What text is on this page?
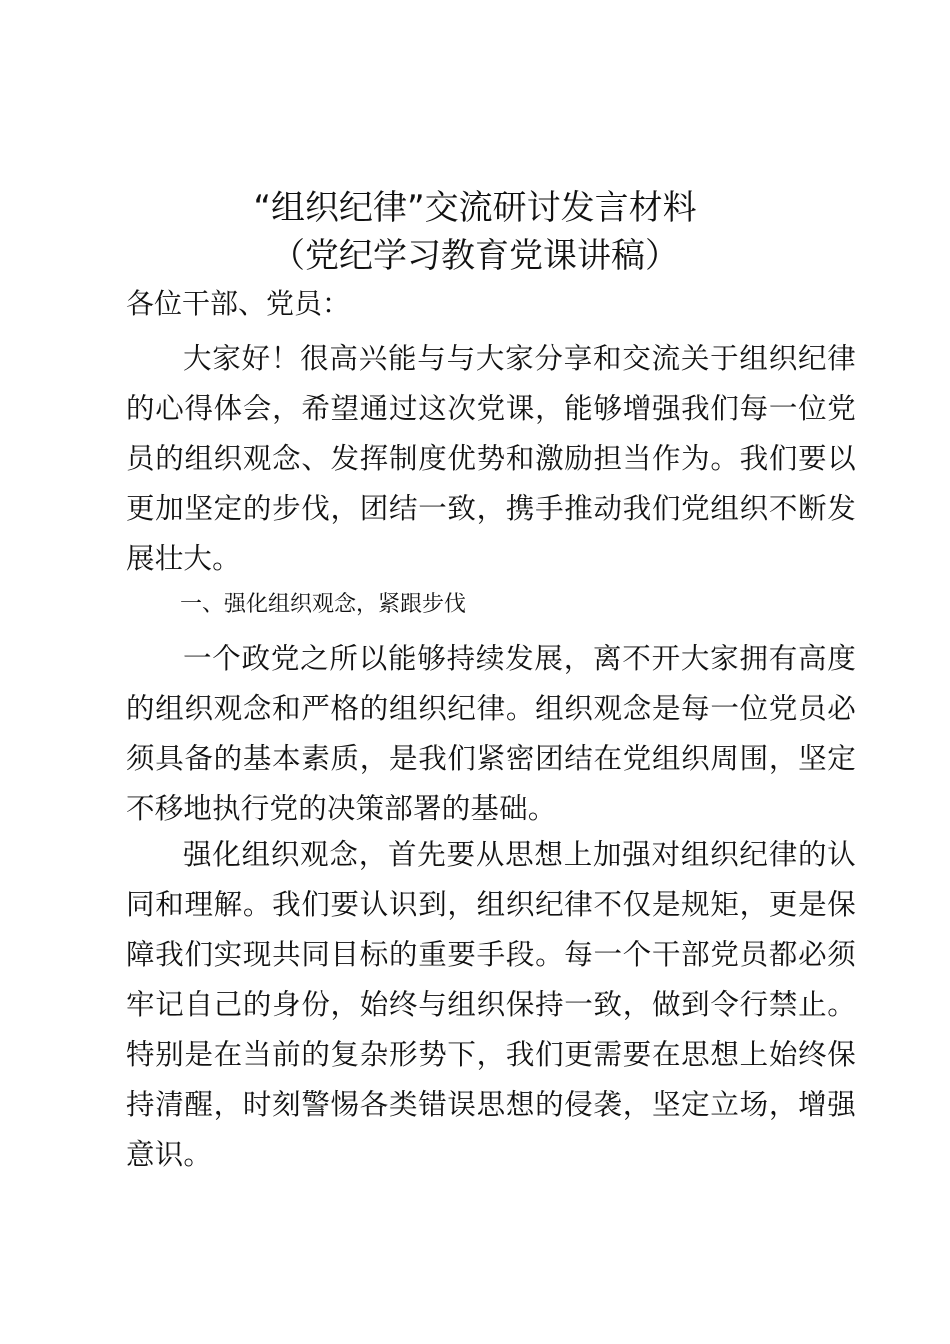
“组织纪律”交流研讨发言材料
（党纪学习教育党课讲稿）
各位干部、党员：
大家好！很高兴能与与大家分享和交流关于组织纪律的心得体会，希望通过这次党课，能够增强我们每一位党员的组织观念、发挥制度优势和激励担当作为。我们要以更加坚定的步伐，团结一致，携手推动我们党组织不断发展壮大。
一、强化组织观念，紧跟步伐
一个政党之所以能够持续发展，离不开大家拥有高度的组织观念和严格的组织纪律。组织观念是每一位党员必须具备的基本素质，是我们紧密团结在党组织周围，坚定不移地执行党的决策部署的基础。
强化组织观念，首先要从思想上加强对组织纪律的认同和理解。我们要认识到，组织纪律不仅是规矩，更是保障我们实现共同目标的重要手段。每一个干部党员都必须牢记自己的身份，始终与组织保持一致，做到令行禁止。特别是在当前的复杂形势下，我们更需要在思想上始终保持清醒，时刻警惕各类错误思想的侵袭，坚定立场，增强意识。
